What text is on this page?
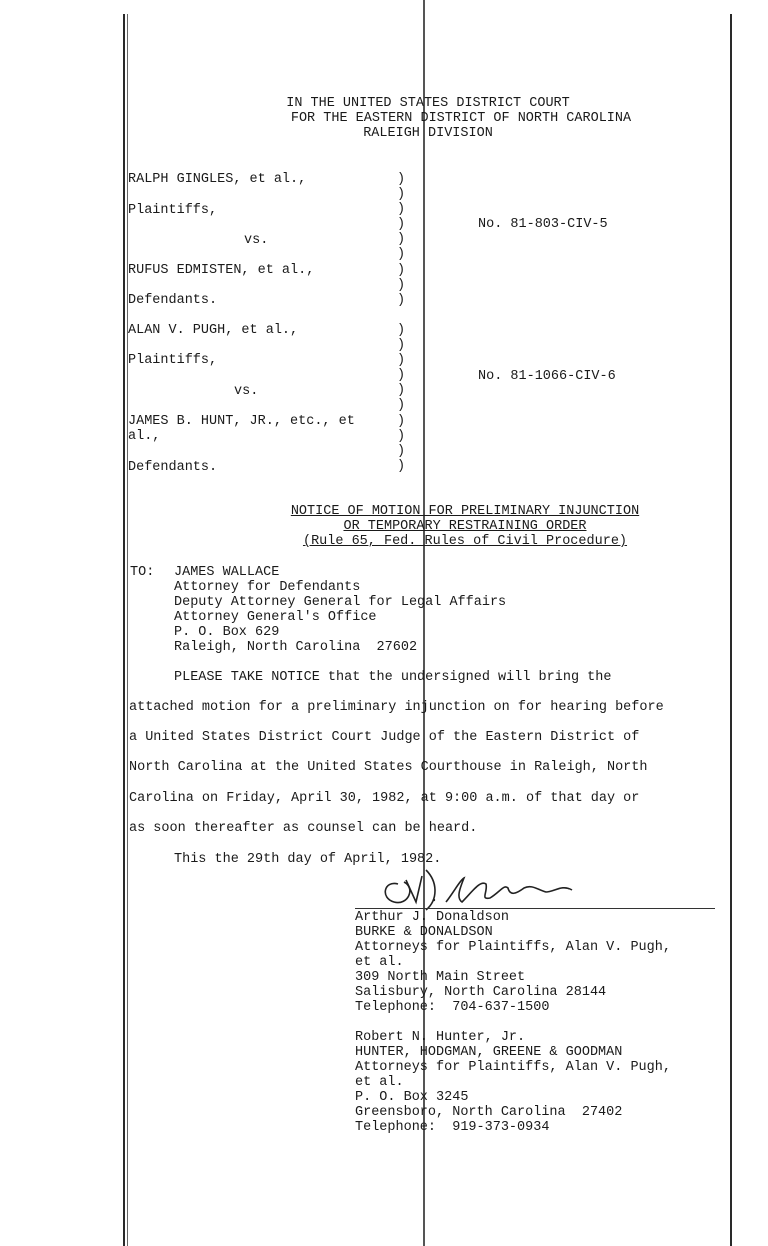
IN THE UNITED STATES DISTRICT COURT
FOR THE EASTERN DISTRICT OF NORTH CAROLINA
RALEIGH DIVISION
RALPH GINGLES, et al.,
Plaintiffs,
vs.
RUFUS EDMISTEN, et al.,
Defendants.
No. 81-803-CIV-5
)
)
)
)
)
)
)
)
)
ALAN V. PUGH, et al.,
Plaintiffs,
vs.
JAMES B. HUNT, JR., etc., et
al.,
Defendants.
No. 81-1066-CIV-6
)
)
)
)
)
)
)
)
)
)
NOTICE OF MOTION FOR PRELIMINARY INJUNCTION
OR TEMPORARY RESTRAINING ORDER
(Rule 65, Fed. Rules of Civil Procedure)
TO: JAMES WALLACE
Attorney for Defendants
Deputy Attorney General for Legal Affairs
Attorney General's Office
P. O. Box 629
Raleigh, North Carolina  27602
PLEASE TAKE NOTICE that the undersigned will bring the
attached motion for a preliminary injunction on for hearing before
a United States District Court Judge of the Eastern District of
North Carolina at the United States Courthouse in Raleigh, North
Carolina on Friday, April 30, 1982, at 9:00 a.m. of that day or
as soon thereafter as counsel can be heard.
This the 29th day of April, 1982.
Arthur J. Donaldson
BURKE & DONALDSON
Attorneys for Plaintiffs, Alan V. Pugh,
et al.
309 North Main Street
Salisbury, North Carolina 28144
Telephone:  704-637-1500
Robert N. Hunter, Jr.
HUNTER, HODGMAN, GREENE & GOODMAN
Attorneys for Plaintiffs, Alan V. Pugh,
et al.
P. O. Box 3245
Greensboro, North Carolina  27402
Telephone:  919-373-0934
